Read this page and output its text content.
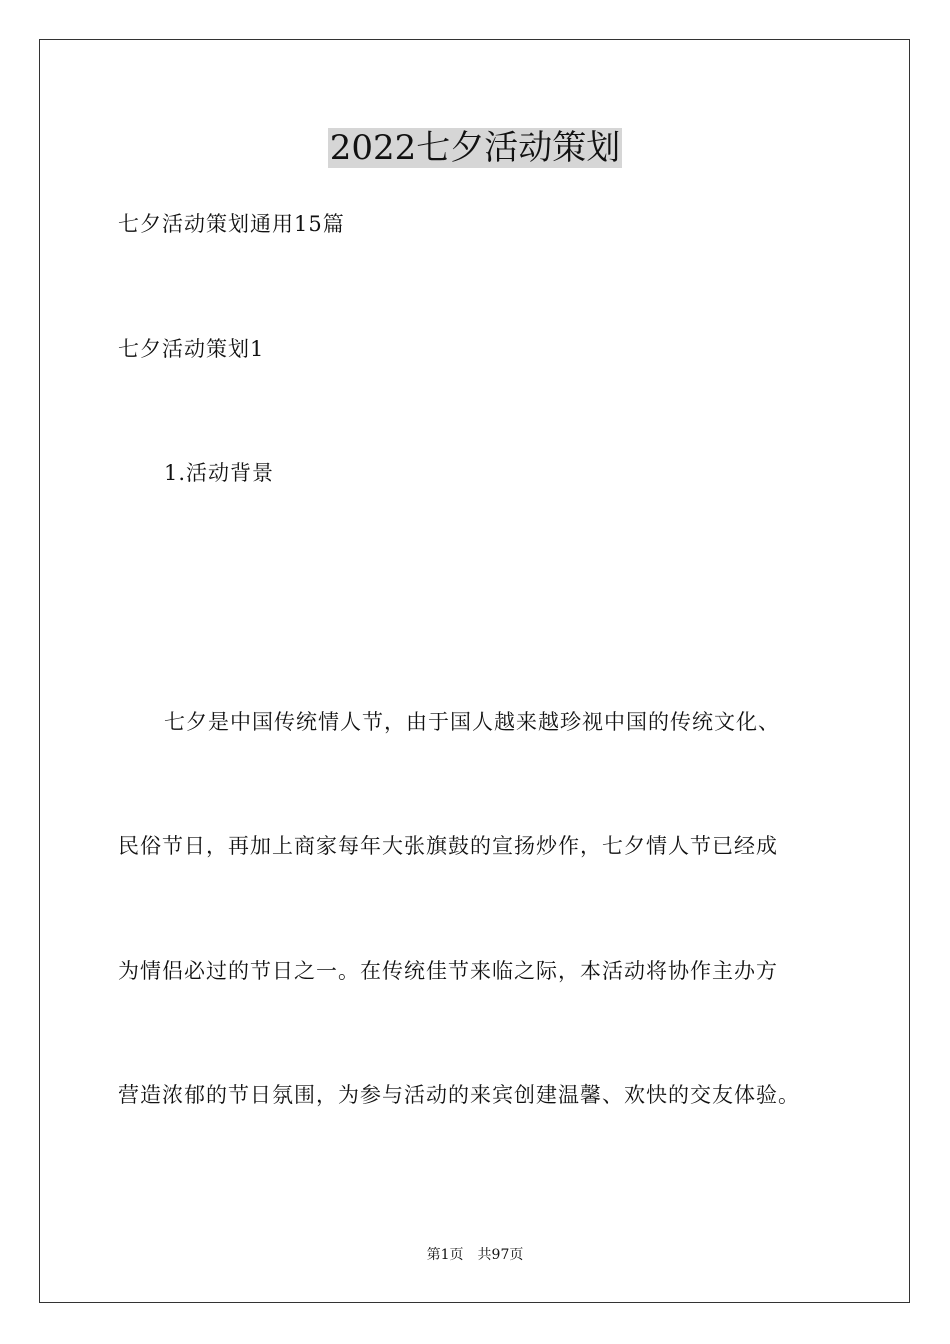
2022七夕活动策划
七夕活动策划通用15篇
七夕活动策划1
1.活动背景
七夕是中国传统情人节，由于国人越来越珍视中国的传统文化、
民俗节日，再加上商家每年大张旗鼓的宣扬炒作，七夕情人节已经成
为情侣必过的节日之一。在传统佳节来临之际，本活动将协作主办方
营造浓郁的节日氛围，为参与活动的来宾创建温馨、欢快的交友体验。
第1页 共97页
